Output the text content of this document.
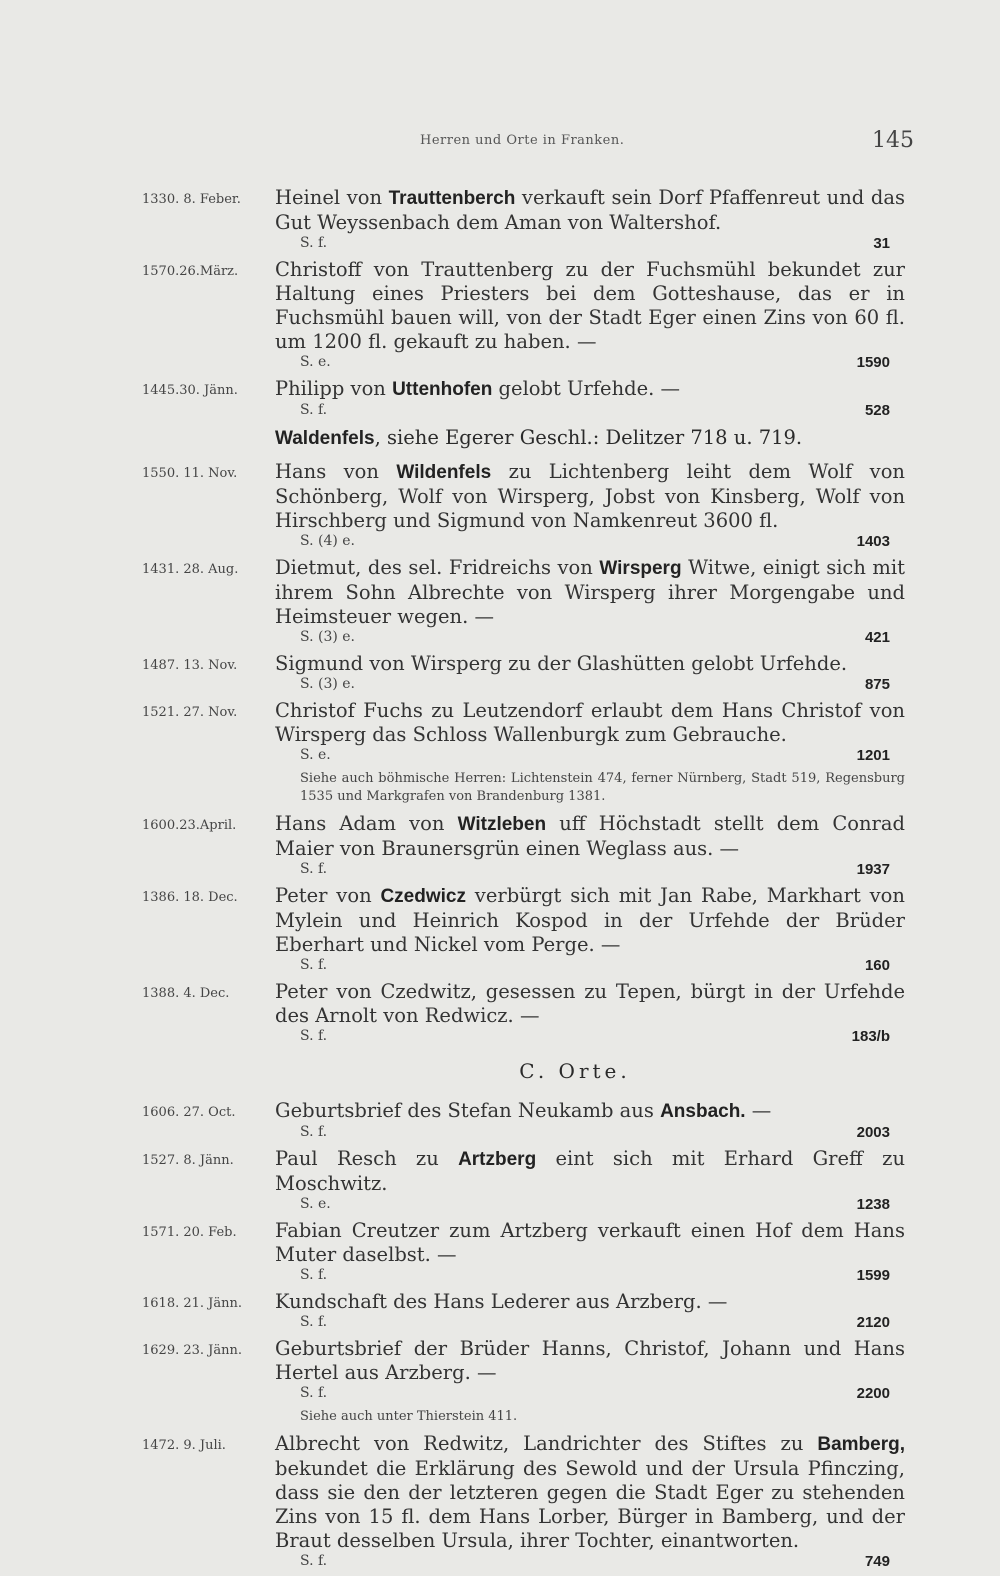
Herren und Orte in Franken.	145
1330. 8. Feber.	Heinel von Trauttenberch verkauft sein Dorf Pfaffenreut und das Gut Weyssenbach dem Aman von Waltershof.
S. f.	31
1570.26.März.	Christoff von Trauttenberg zu der Fuchsmühl bekundet zur Haltung eines Priesters bei dem Gotteshause, das er in Fuchsmühl bauen will, von der Stadt Eger einen Zins von 60 fl. um 1200 fl. gekauft zu haben. —
S. e.	1590
1445.30. Jänn.	Philipp von Uttenhofen gelobt Urfehde. —
S. f.	528
Waldenfels, siehe Egerer Geschl.: Delitzer 718 u. 719.
1550. 11. Nov.	Hans von Wildenfels zu Lichtenberg leiht dem Wolf von Schönberg, Wolf von Wirsperg, Jobst von Kinsberg, Wolf von Hirschberg und Sigmund von Namkenreut 3600 fl.
S. (4) e.	1403
1431. 28. Aug.	Dietmut, des sel. Fridreichs von Wirsperg Witwe, einigt sich mit ihrem Sohn Albrechte von Wirsperg ihrer Morgengabe und Heimsteuer wegen. —
S. (3) e.	421
1487. 13. Nov.	Sigmund von Wirsperg zu der Glashütten gelobt Urfehde.
S. (3) e.	875
1521. 27. Nov.	Christof Fuchs zu Leutzendorf erlaubt dem Hans Christof von Wirsperg das Schloss Wallenburgk zum Gebrauche.
S. e.	1201
Siehe auch böhmische Herren: Lichtenstein 474, ferner Nürnberg, Stadt 519, Regensburg 1535 und Markgrafen von Brandenburg 1381.
1600.23.April.	Hans Adam von Witzleben uff Höchstadt stellt dem Conrad Maier von Braunersgrün einen Weglass aus. —
S. f.	1937
1386. 18. Dec.	Peter von Czedwicz verbürgt sich mit Jan Rabe, Markhart von Mylein und Heinrich Kospod in der Urfehde der Brüder Eberhart und Nickel vom Perge. —
S. f.	160
1388. 4. Dec.	Peter von Czedwitz, gesessen zu Tepen, bürgt in der Urfehde des Arnolt von Redwicz. —
S. f.	183/b
C. Orte.
1606. 27. Oct.	Geburtsbrief des Stefan Neukamb aus Ansbach. —
S. f.	2003
1527. 8. Jänn.	Paul Resch zu Artzberg eint sich mit Erhard Greff zu Moschwitz.
S. e.	1238
1571. 20. Feb.	Fabian Creutzer zum Artzberg verkauft einen Hof dem Hans Muter daselbst. —
S. f.	1599
1618. 21. Jänn.	Kundschaft des Hans Lederer aus Arzberg. —
S. f.	2120
1629. 23. Jänn.	Geburtsbrief der Brüder Hanns, Christof, Johann und Hans Hertel aus Arzberg. —
S. f.	2200
Siehe auch unter Thierstein 411.
1472. 9. Juli.	Albrecht von Redwitz, Landrichter des Stiftes zu Bamberg, bekundet die Erklärung des Sewold und der Ursula Pfinczing, dass sie den der letzteren gegen die Stadt Eger zu stehenden Zins von 15 fl. dem Hans Lorber, Bürger in Bamberg, und der Braut desselben Ursula, ihrer Tochter, einantworten.
S. f.	749
